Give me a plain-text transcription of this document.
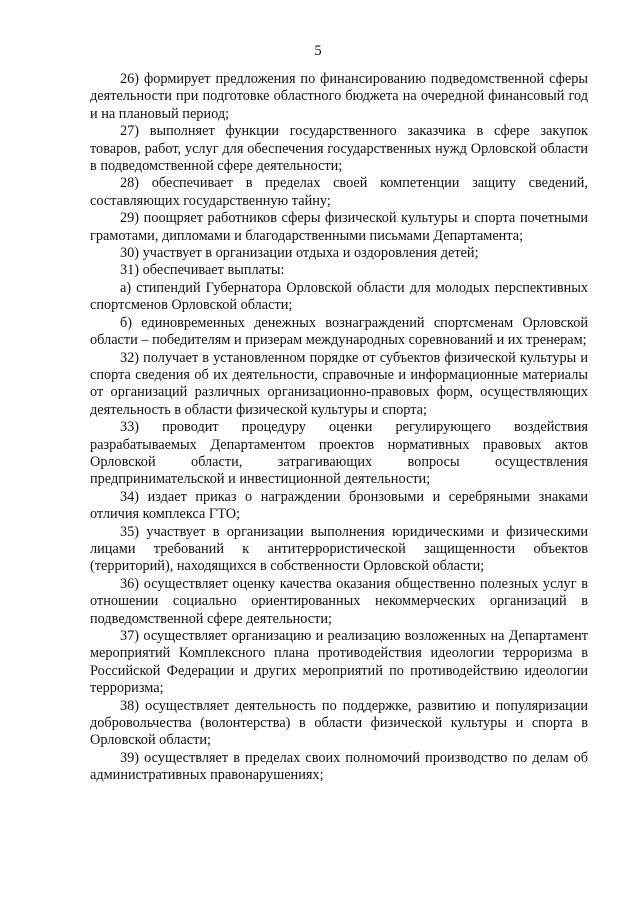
5

26) формирует предложения по финансированию подведомственной сферы деятельности при подготовке областного бюджета на очередной финансовый год и на плановый период;

27) выполняет функции государственного заказчика в сфере закупок товаров, работ, услуг для обеспечения государственных нужд Орловской области в подведомственной сфере деятельности;

28) обеспечивает в пределах своей компетенции защиту сведений, составляющих государственную тайну;

29) поощряет работников сферы физической культуры и спорта почетными грамотами, дипломами и благодарственными письмами Департамента;

30) участвует в организации отдыха и оздоровления детей;

31) обеспечивает выплаты:

а) стипендий Губернатора Орловской области для молодых перспективных спортсменов Орловской области;

б) единовременных денежных вознаграждений спортсменам Орловской области – победителям и призерам международных соревнований и их тренерам;

32) получает в установленном порядке от субъектов физической культуры и спорта сведения об их деятельности, справочные и информационные материалы от организаций различных организационно-правовых форм, осуществляющих деятельность в области физической культуры и спорта;

33) проводит процедуру оценки регулирующего воздействия разрабатываемых Департаментом проектов нормативных правовых актов Орловской области, затрагивающих вопросы осуществления предпринимательской и инвестиционной деятельности;

34) издает приказ о награждении бронзовыми и серебряными знаками отличия комплекса ГТО;

35) участвует в организации выполнения юридическими и физическими лицами требований к антитеррористической защищенности объектов (территорий), находящихся в собственности Орловской области;

36) осуществляет оценку качества оказания общественно полезных услуг в отношении социально ориентированных некоммерческих организаций в подведомственной сфере деятельности;

37) осуществляет организацию и реализацию возложенных на Департамент мероприятий Комплексного плана противодействия идеологии терроризма в Российской Федерации и других мероприятий по противодействию идеологии терроризма;

38) осуществляет деятельность по поддержке, развитию и популяризации добровольчества (волонтерства) в области физической культуры и спорта в Орловской области;

39) осуществляет в пределах своих полномочий производство по делам об административных правонарушениях;
